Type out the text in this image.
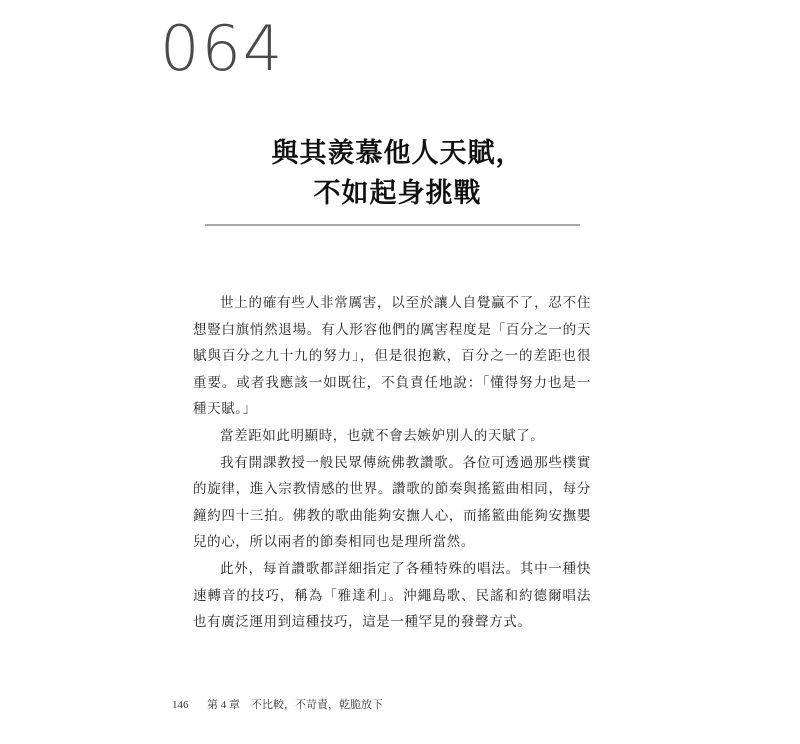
064
與其羨慕他人天賦，
不如起身挑戰

世上的確有些人非常厲害，以至於讓人自覺贏不了，忍不住想豎白旗悄然退場。有人形容他們的厲害程度是「百分之一的天賦與百分之九十九的努力」，但是很抱歉，百分之一的差距也很重要。或者我應該一如既往，不負責任地說：「懂得努力也是一種天賦。」

當差距如此明顯時，也就不會去嫉妒別人的天賦了。

我有開課教授一般民眾傳統佛教讚歌。各位可透過那些樸實的旋律，進入宗教情感的世界。讚歌的節奏與搖籃曲相同，每分鐘約四十三拍。佛教的歌曲能夠安撫人心，而搖籃曲能夠安撫嬰兒的心，所以兩者的節奏相同也是理所當然。

此外，每首讚歌都詳細指定了各種特殊的唱法。其中一種快速轉音的技巧，稱為「雅達利」。沖繩島歌、民謠和約德爾唱法也有廣泛運用到這種技巧，這是一種罕見的發聲方式。

146 第 4 章　不比較，不苛責，乾脆放下
